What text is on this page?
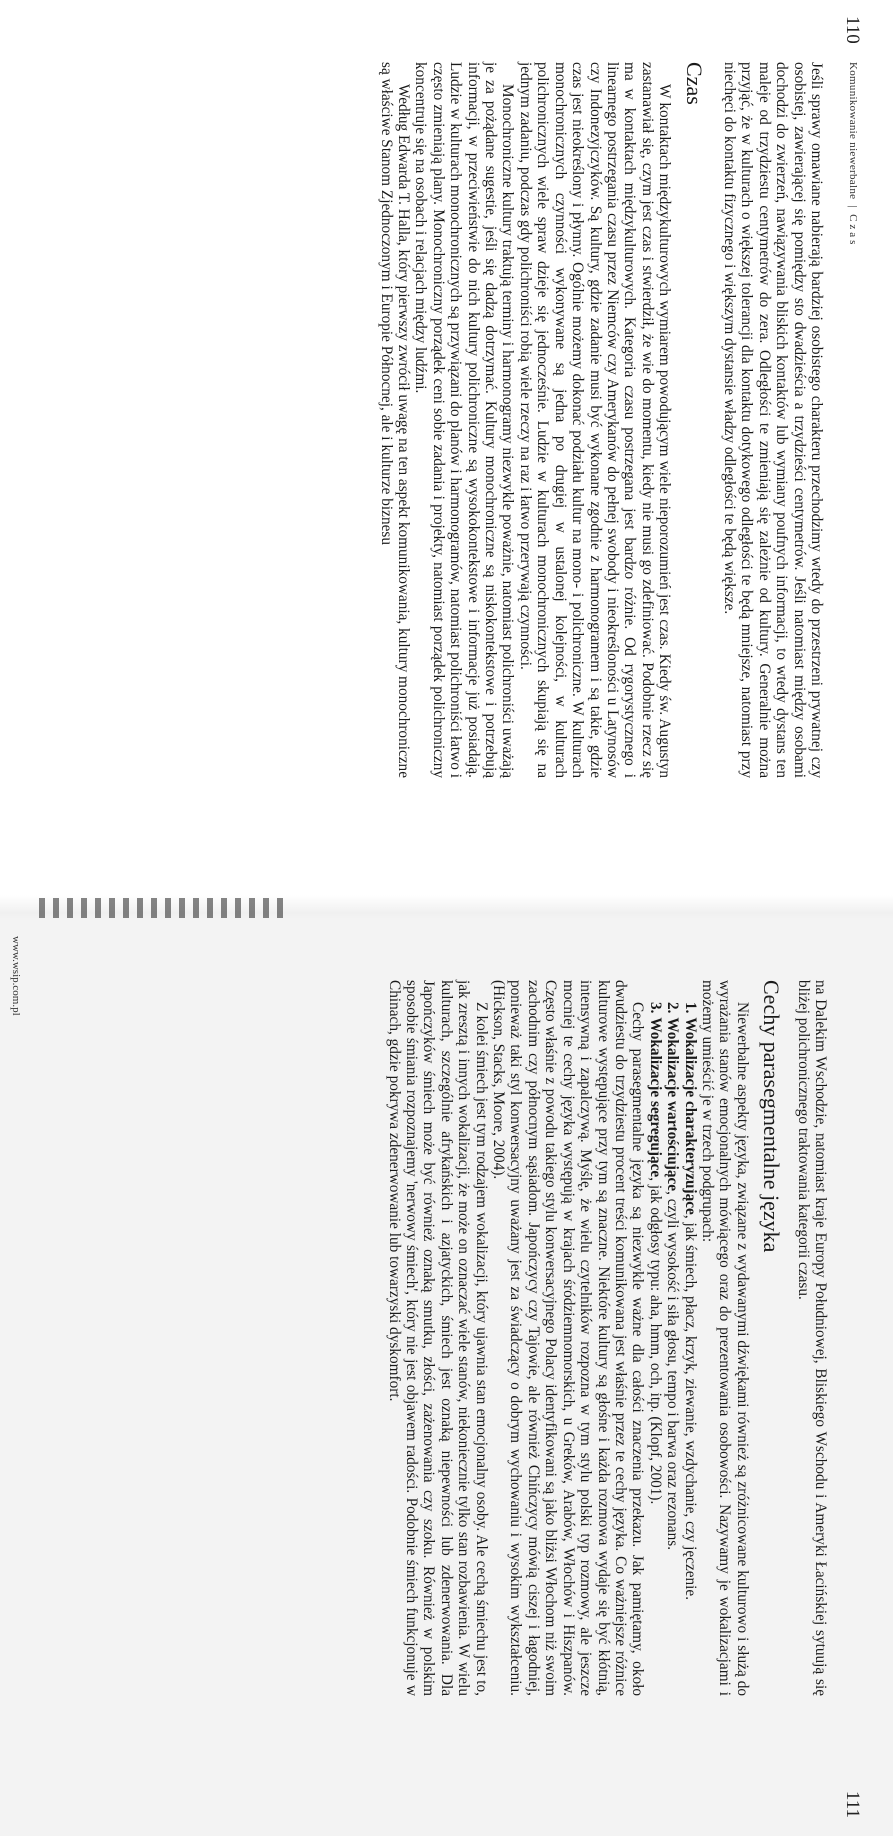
110
Komunikowanie niewerbalne  |  Czas

Jeśli sprawy omawiane nabierają bardziej osobistego charakteru przechodzimy wtedy do przestrzeni prywatnej czy osobistej, zawierającej się pomiędzy sto dwadzieścia a trzydzieści centymetrów. Jeśli natomiast między osobami dochodzi do zwierzeń, nawiązywania bliskich kontaktów lub wymiany poufnych informacji, to wtedy dystans ten maleje od trzydziestu centymetrów do zera. Odległości te zmieniają się zależnie od kultury. Generalnie można przyjąć, że w kulturach o większej tolerancji dla kontaktu dotykowego odległości te będą mniejsze, natomiast przy niechęci do kontaktu fizycznego i większym dystansie władzy odległości te będą większe.

Czas

W kontaktach międzykulturowych wymiarem powodującym wiele nieporozumień jest czas. Kiedy św. Augustyn zastanawiał się, czym jest czas i stwierdził, że wie do momentu, kiedy nie musi go zdefiniować. Podobnie rzecz się ma w kontaktach międzykulturowych. Kategoria czasu postrzegana jest bardzo różnie. Od rygorystycznego i linearnego postrzegania czasu przez Niemców czy Amerykanów do pełnej swobody i nieokreśloności u Latynosów czy Indonezyjczyków. Są kultury, gdzie zadanie musi być wykonane zgodnie z harmonogramem i są takie, gdzie czas jest nieokreślony i płynny. Ogólnie możemy dokonać podziału kultur na mono- i polichroniczne. W kulturach monochronicznych czynności wykonywane są jedna po drugiej w ustalonej kolejności, w kulturach polichronicznych wiele spraw dzieje się jednocześnie. Ludzie w kulturach monochronicznych skupiają się na jednym zadaniu, podczas gdy polichroniści robią wiele rzeczy na raz i łatwo przerywają czynności.

Monochroniczne kultury traktują terminy i harmonogramy niezwykle poważnie, natomiast polichroniści uważają je za pożądane sugestie, jeśli się dadzą dotrzymać. Kultury monochroniczne są niskokontekstowe i potrzebują informacji, w przeciwieństwie do nich kultury polichroniczne są wysokokontekstowe i informacje już posiadają. Ludzie w kulturach monochronicznych są przywiązani do planów i harmonogramów, natomiast polichroniści łatwo i często zmieniają plany. Monochroniczny porządek ceni sobie zadania i projekty, natomiast porządek polichroniczny koncentruje się na osobach i relacjach między ludźmi.

Według Edwarda T. Halla, który pierwszy zwrócił uwagę na ten aspekt komunikowania, kultury monochroniczne są właściwe Stanom Zjednoczonym i Europie Północnej, ale i kulturze biznesu

111

na Dalekim Wschodzie, natomiast kraje Europy Południowej, Bliskiego Wschodu i Ameryki Łacińskiej sytuują się bliżej polichronicznego traktowania kategorii czasu.

Cechy parasegmentalne języka

Niewerbalne aspekty języka, związane z wydawanymi dźwiękami również są zróżnicowane kulturowo i służą do wyrażania stanów emocjonalnych mówiącego oraz do prezentowania osobowości. Nazywamy je wokalizacjami i możemy umieścić je w trzech podgrupach:

1. Wokalizacje charakteryzujące, jak śmiech, płacz, krzyk, ziewanie, wzdychanie, czy jęczenie.

2. Wokalizacje wartościujące, czyli wysokość i siła głosu, tempo i barwa oraz rezonans.

3. Wokalizacje segregujące, jak odgłosy typu: aha, hmm, och, itp. (Klopf, 2001).

Cechy parasegmentalne języka są niezwykle ważne dla całości znaczenia przekazu. Jak pamiętamy, około dwudziestu do trzydziestu procent treści komunikowana jest właśnie przez te cechy języka. Co ważniejsze różnice kulturowe występujące przy tym są znaczne. Niektóre kultury są głośne i każda rozmowa wydaje się być kłótnią, intensywną i zapalczywą. Myślę, że wielu czytelników rozpozna w tym stylu polski typ rozmowy, ale jeszcze mocniej te cechy języka występują w krajach śródziemnomorskich, u Greków, Arabów, Włochów i Hiszpanów. Często właśnie z powodu takiego stylu konwersacyjnego Polacy identyfikowani są jako bliżsi Włochom niż swoim zachodnim czy północnym sąsiadom. Japończycy czy Tajowie, ale również Chińczycy mówią ciszej i łagodniej, ponieważ taki styl konwersacyjny uważany jest za świadczący o dobrym wychowaniu i wysokim wykształceniu. (Hickson, Stacks, Moore, 2004).

Z kolei śmiech jest tym rodzajem wokalizacji, który ujawnia stan emocjonalny osoby. Ale cechą śmiechu jest to, jak zresztą i innych wokalizacji, że może on oznaczać wiele stanów, niekoniecznie tylko stan rozbawienia. W wielu kulturach, szczególnie afrykańskich i azjatyckich, śmiech jest oznaką niepewności lub zdenerwowania. Dla Japończyków śmiech może być również oznaką smutku, złości, zażenowania czy szoku. Również w polskim sposobie śmiania rozpoznajemy 'nerwowy śmiech', który nie jest objawem radości. Podobnie śmiech funkcjonuje w Chinach, gdzie pokrywa zdenerwowanie lub towarzyski dyskomfort.

www.wsip.com.pl
